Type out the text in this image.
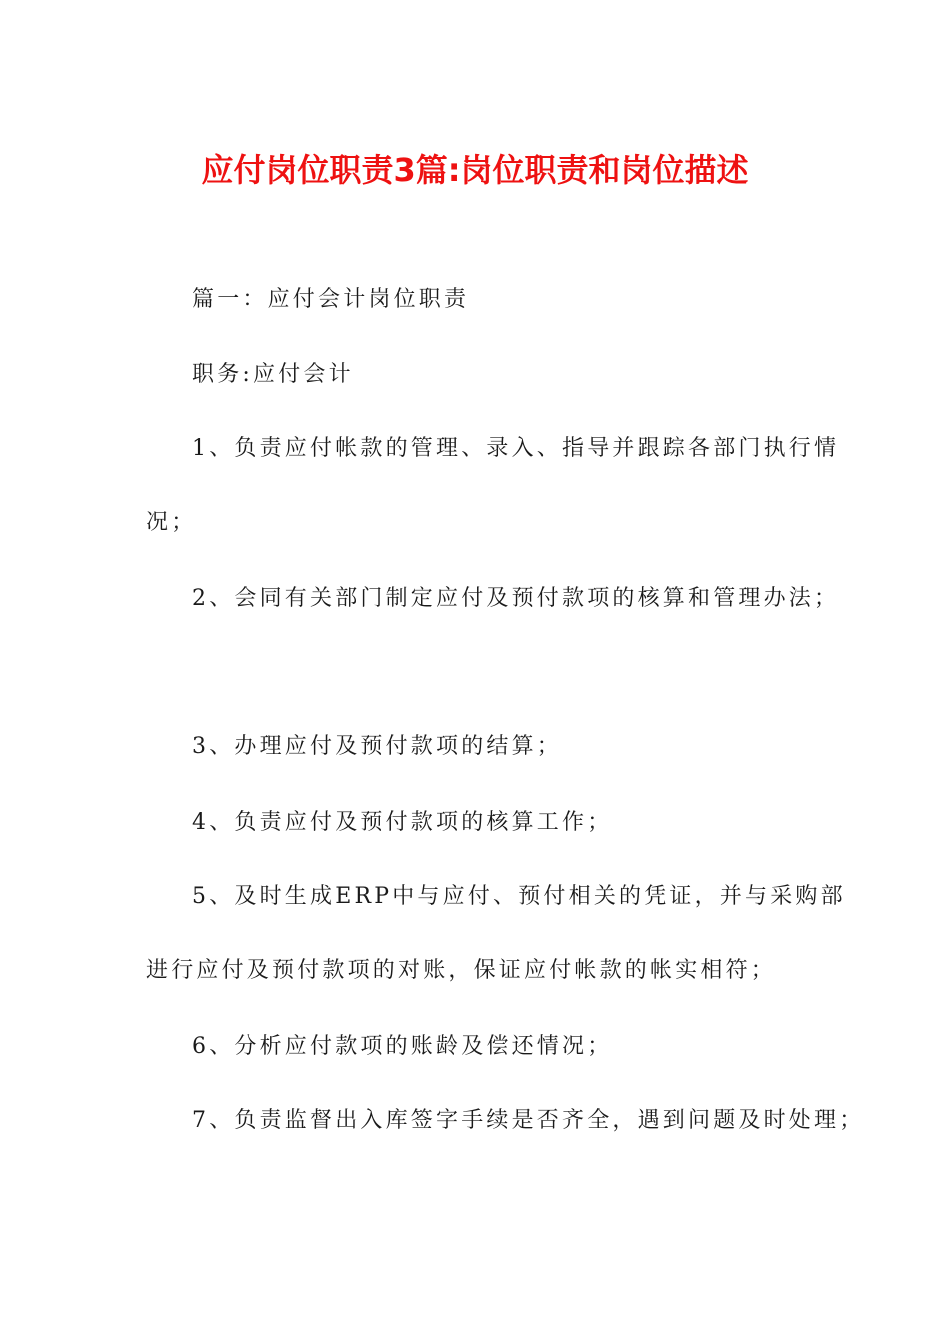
应付岗位职责3篇:岗位职责和岗位描述
篇一：应付会计岗位职责
职务:应付会计
1、负责应付帐款的管理、录入、指导并跟踪各部门执行情
况；
2、会同有关部门制定应付及预付款项的核算和管理办法；
3、办理应付及预付款项的结算；
4、负责应付及预付款项的核算工作；
5、及时生成ERP中与应付、预付相关的凭证，并与采购部
进行应付及预付款项的对账，保证应付帐款的帐实相符；
6、分析应付款项的账龄及偿还情况；
7、负责监督出入库签字手续是否齐全，遇到问题及时处理；
